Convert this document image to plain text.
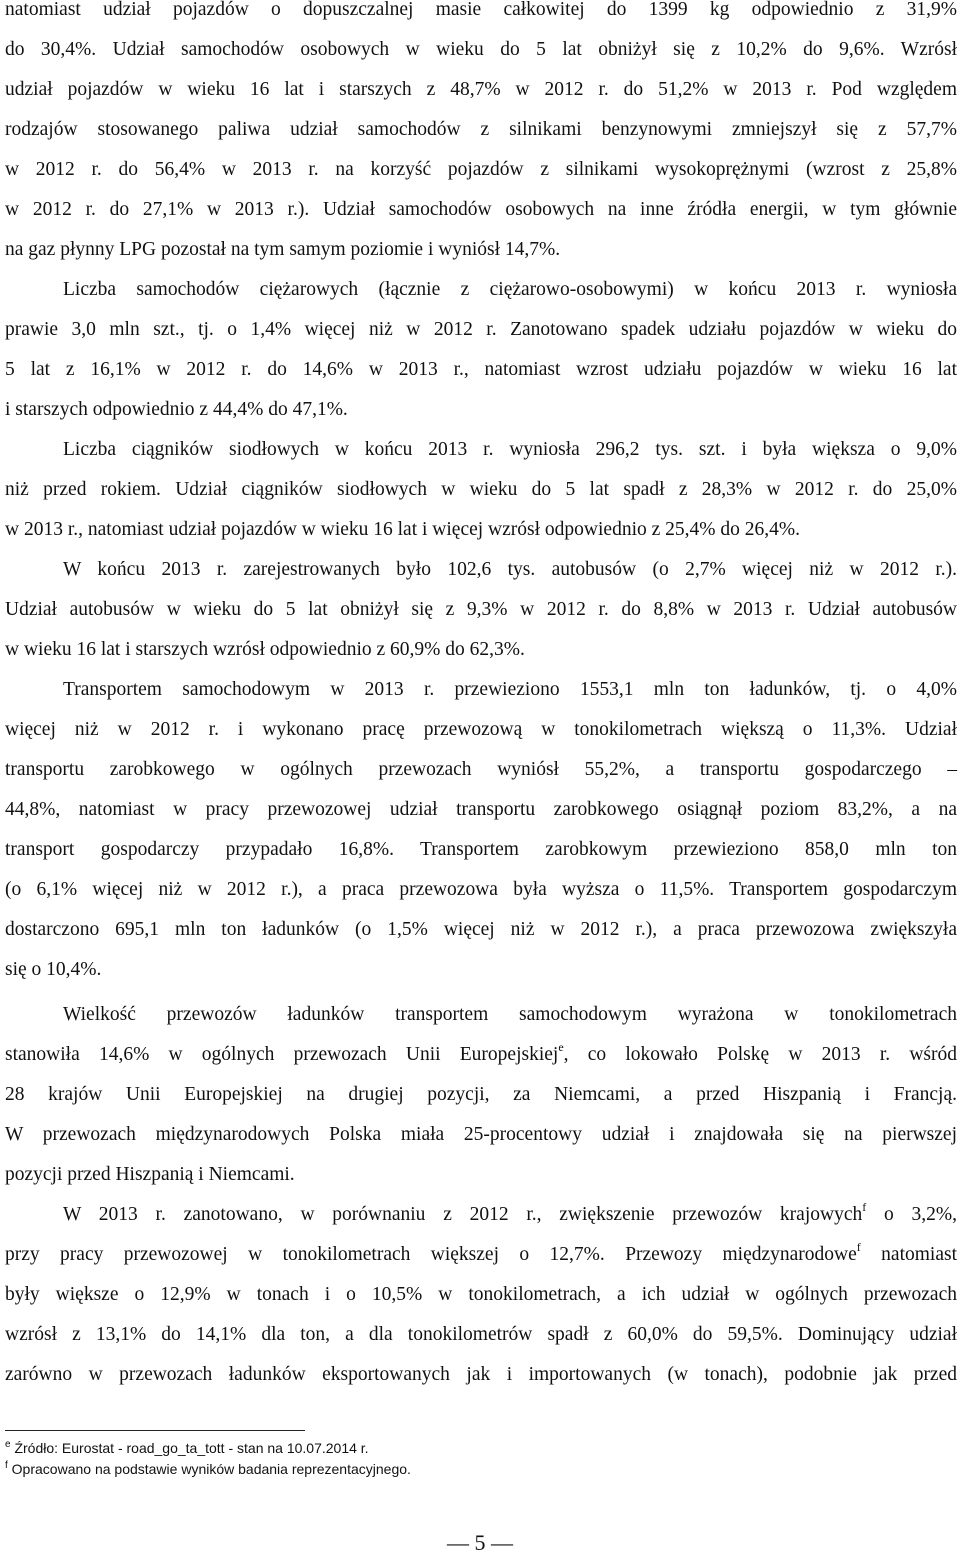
natomiast udział pojazdów o dopuszczalnej masie całkowitej do 1399 kg odpowiednio z 31,9%
do 30,4%. Udział samochodów osobowych w wieku do 5 lat obniżył się z 10,2% do 9,6%. Wzrósł
udział pojazdów w wieku 16 lat i starszych z 48,7% w 2012 r. do 51,2% w 2013 r. Pod względem
rodzajów stosowanego paliwa udział samochodów z silnikami benzynowymi zmniejszył się z 57,7%
w 2012 r. do 56,4% w 2013 r. na korzyść pojazdów z silnikami wysokoprężnymi (wzrost z 25,8%
w 2012 r. do 27,1% w 2013 r.). Udział samochodów osobowych na inne źródła energii, w tym głównie
na gaz płynny LPG pozostał na tym samym poziomie i wyniósł 14,7%.
Liczba samochodów ciężarowych (łącznie z ciężarowo-osobowymi) w końcu 2013 r. wyniosła
prawie 3,0 mln szt., tj. o 1,4% więcej niż w 2012 r. Zanotowano spadek udziału pojazdów w wieku do
5 lat z 16,1% w 2012 r. do 14,6% w 2013 r., natomiast wzrost udziału pojazdów w wieku 16 lat
i starszych odpowiednio z 44,4% do 47,1%.
Liczba ciągników siodłowych w końcu 2013 r. wyniosła 296,2 tys. szt. i była większa o 9,0%
niż przed rokiem. Udział ciągników siodłowych w wieku do 5 lat spadł z 28,3% w 2012 r. do 25,0%
w 2013 r., natomiast udział pojazdów w wieku 16 lat i więcej wzrósł odpowiednio z 25,4% do 26,4%.
W końcu 2013 r. zarejestrowanych było 102,6 tys. autobusów (o 2,7% więcej niż w 2012 r.).
Udział autobusów w wieku do 5 lat obniżył się z 9,3% w 2012 r. do 8,8% w 2013 r. Udział autobusów
w wieku 16 lat i starszych wzrósł odpowiednio z 60,9% do 62,3%.
Transportem samochodowym w 2013 r. przewieziono 1553,1 mln ton ładunków, tj. o 4,0%
więcej niż w 2012 r. i wykonano pracę przewozową w tonokilometrach większą o 11,3%. Udział
transportu zarobkowego w ogólnych przewozach wyniósł 55,2%, a transportu gospodarczego –
44,8%, natomiast w pracy przewozowej udział transportu zarobkowego osiągnął poziom 83,2%, a na
transport gospodarczy przypadało 16,8%. Transportem zarobkowym przewieziono 858,0 mln ton
(o 6,1% więcej niż w 2012 r.), a praca przewozowa była wyższa o 11,5%. Transportem gospodarczym
dostarczono 695,1 mln ton ładunków (o 1,5% więcej niż w 2012 r.), a praca przewozowa zwiększyła
się o 10,4%.
Wielkość przewozów ładunków transportem samochodowym wyrażona w tonokilometrach
stanowiła 14,6% w ogólnych przewozach Unii Europejskiej$^e$, co lokowało Polskę w 2013 r. wśród
28 krajów Unii Europejskiej na drugiej pozycji, za Niemcami, a przed Hiszpanią i Francją.
W przewozach międzynarodowych Polska miała 25-procentowy udział i znajdowała się na pierwszej
pozycji przed Hiszpanią i Niemcami.
W 2013 r. zanotowano, w porównaniu z 2012 r., zwiększenie przewozów krajowych$^f$ o 3,2%,
przy pracy przewozowej w tonokilometrach większej o 12,7%. Przewozy międzynarodowe$^f$ natomiast
były większe o 12,9% w tonach i o 10,5% w tonokilometrach, a ich udział w ogólnych przewozach
wzrósł z 13,1% do 14,1% dla ton, a dla tonokilometrów spadł z 60,0% do 59,5%. Dominujący udział
zarówno w przewozach ładunków eksportowanych jak i importowanych (w tonach), podobnie jak przed
$^e$ Źródło: Eurostat - road_go_ta_tott - stan na 10.07.2014 r.
$^f$ Opracowano na podstawie wyników badania reprezentacyjnego.
— 5 —
